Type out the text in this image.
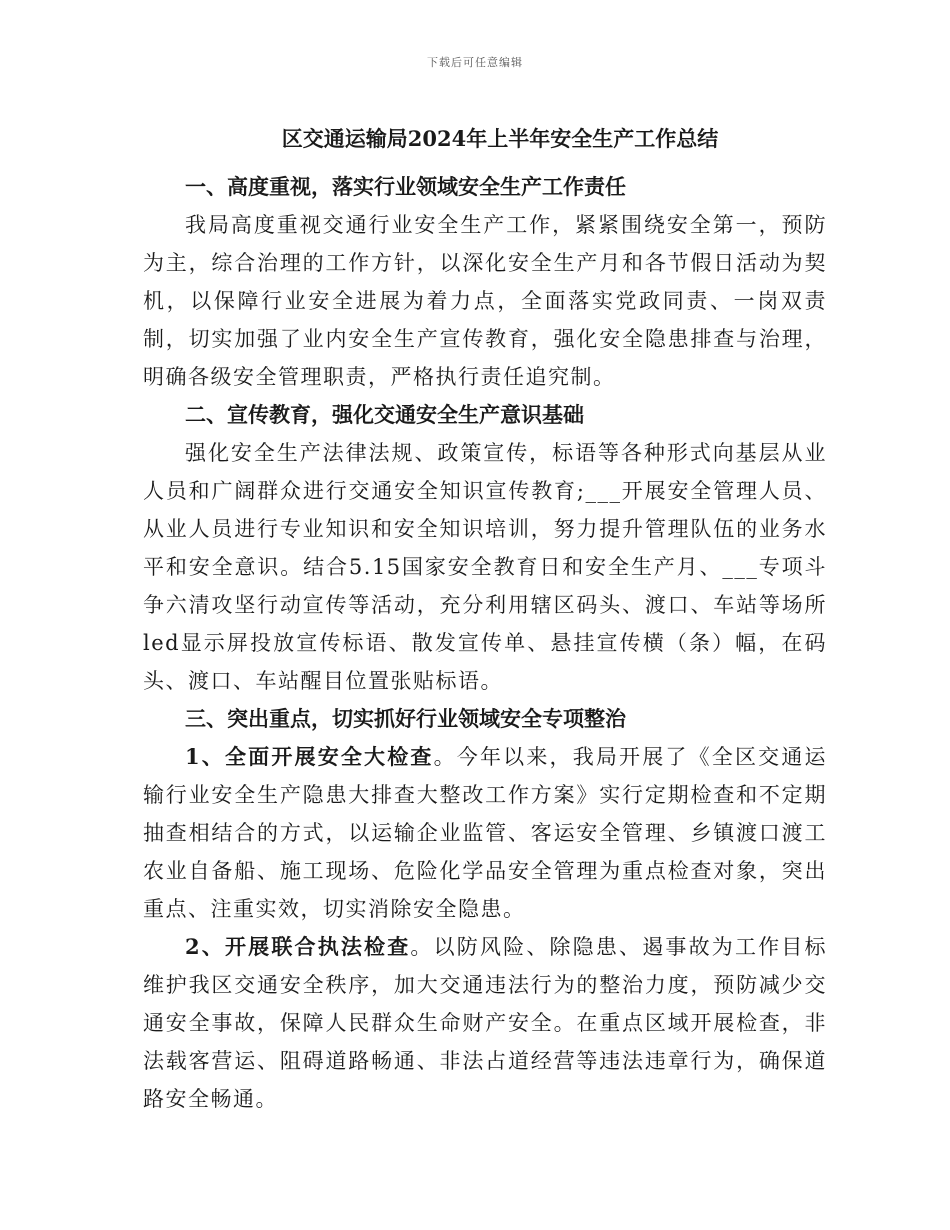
下载后可任意编辑
区交通运输局2024年上半年安全生产工作总结

一、高度重视，落实行业领域安全生产工作责任

我局高度重视交通行业安全生产工作，紧紧围绕安全第一，预防为主，综合治理的工作方针，以深化安全生产月和各节假日活动为契机，以保障行业安全进展为着力点，全面落实党政同责、一岗双责制，切实加强了业内安全生产宣传教育，强化安全隐患排查与治理，明确各级安全管理职责，严格执行责任追究制。

二、宣传教育，强化交通安全生产意识基础

强化安全生产法律法规、政策宣传，标语等各种形式向基层从业人员和广阔群众进行交通安全知识宣传教育;___开展安全管理人员、从业人员进行专业知识和安全知识培训，努力提升管理队伍的业务水平和安全意识。结合5.15国家安全教育日和安全生产月、___专项斗争六清攻坚行动宣传等活动，充分利用辖区码头、渡口、车站等场所led显示屏投放宣传标语、散发宣传单、悬挂宣传横（条）幅，在码头、渡口、车站醒目位置张贴标语。

三、突出重点，切实抓好行业领域安全专项整治

1、全面开展安全大检查。今年以来，我局开展了《全区交通运输行业安全生产隐患大排查大整改工作方案》实行定期检查和不定期抽查相结合的方式，以运输企业监管、客运安全管理、乡镇渡口渡工农业自备船、施工现场、危险化学品安全管理为重点检查对象，突出重点、注重实效，切实消除安全隐患。

2、开展联合执法检查。以防风险、除隐患、遏事故为工作目标维护我区交通安全秩序，加大交通违法行为的整治力度，预防减少交通安全事故，保障人民群众生命财产安全。在重点区域开展检查，非法载客营运、阻碍道路畅通、非法占道经营等违法违章行为，确保道路安全畅通。
